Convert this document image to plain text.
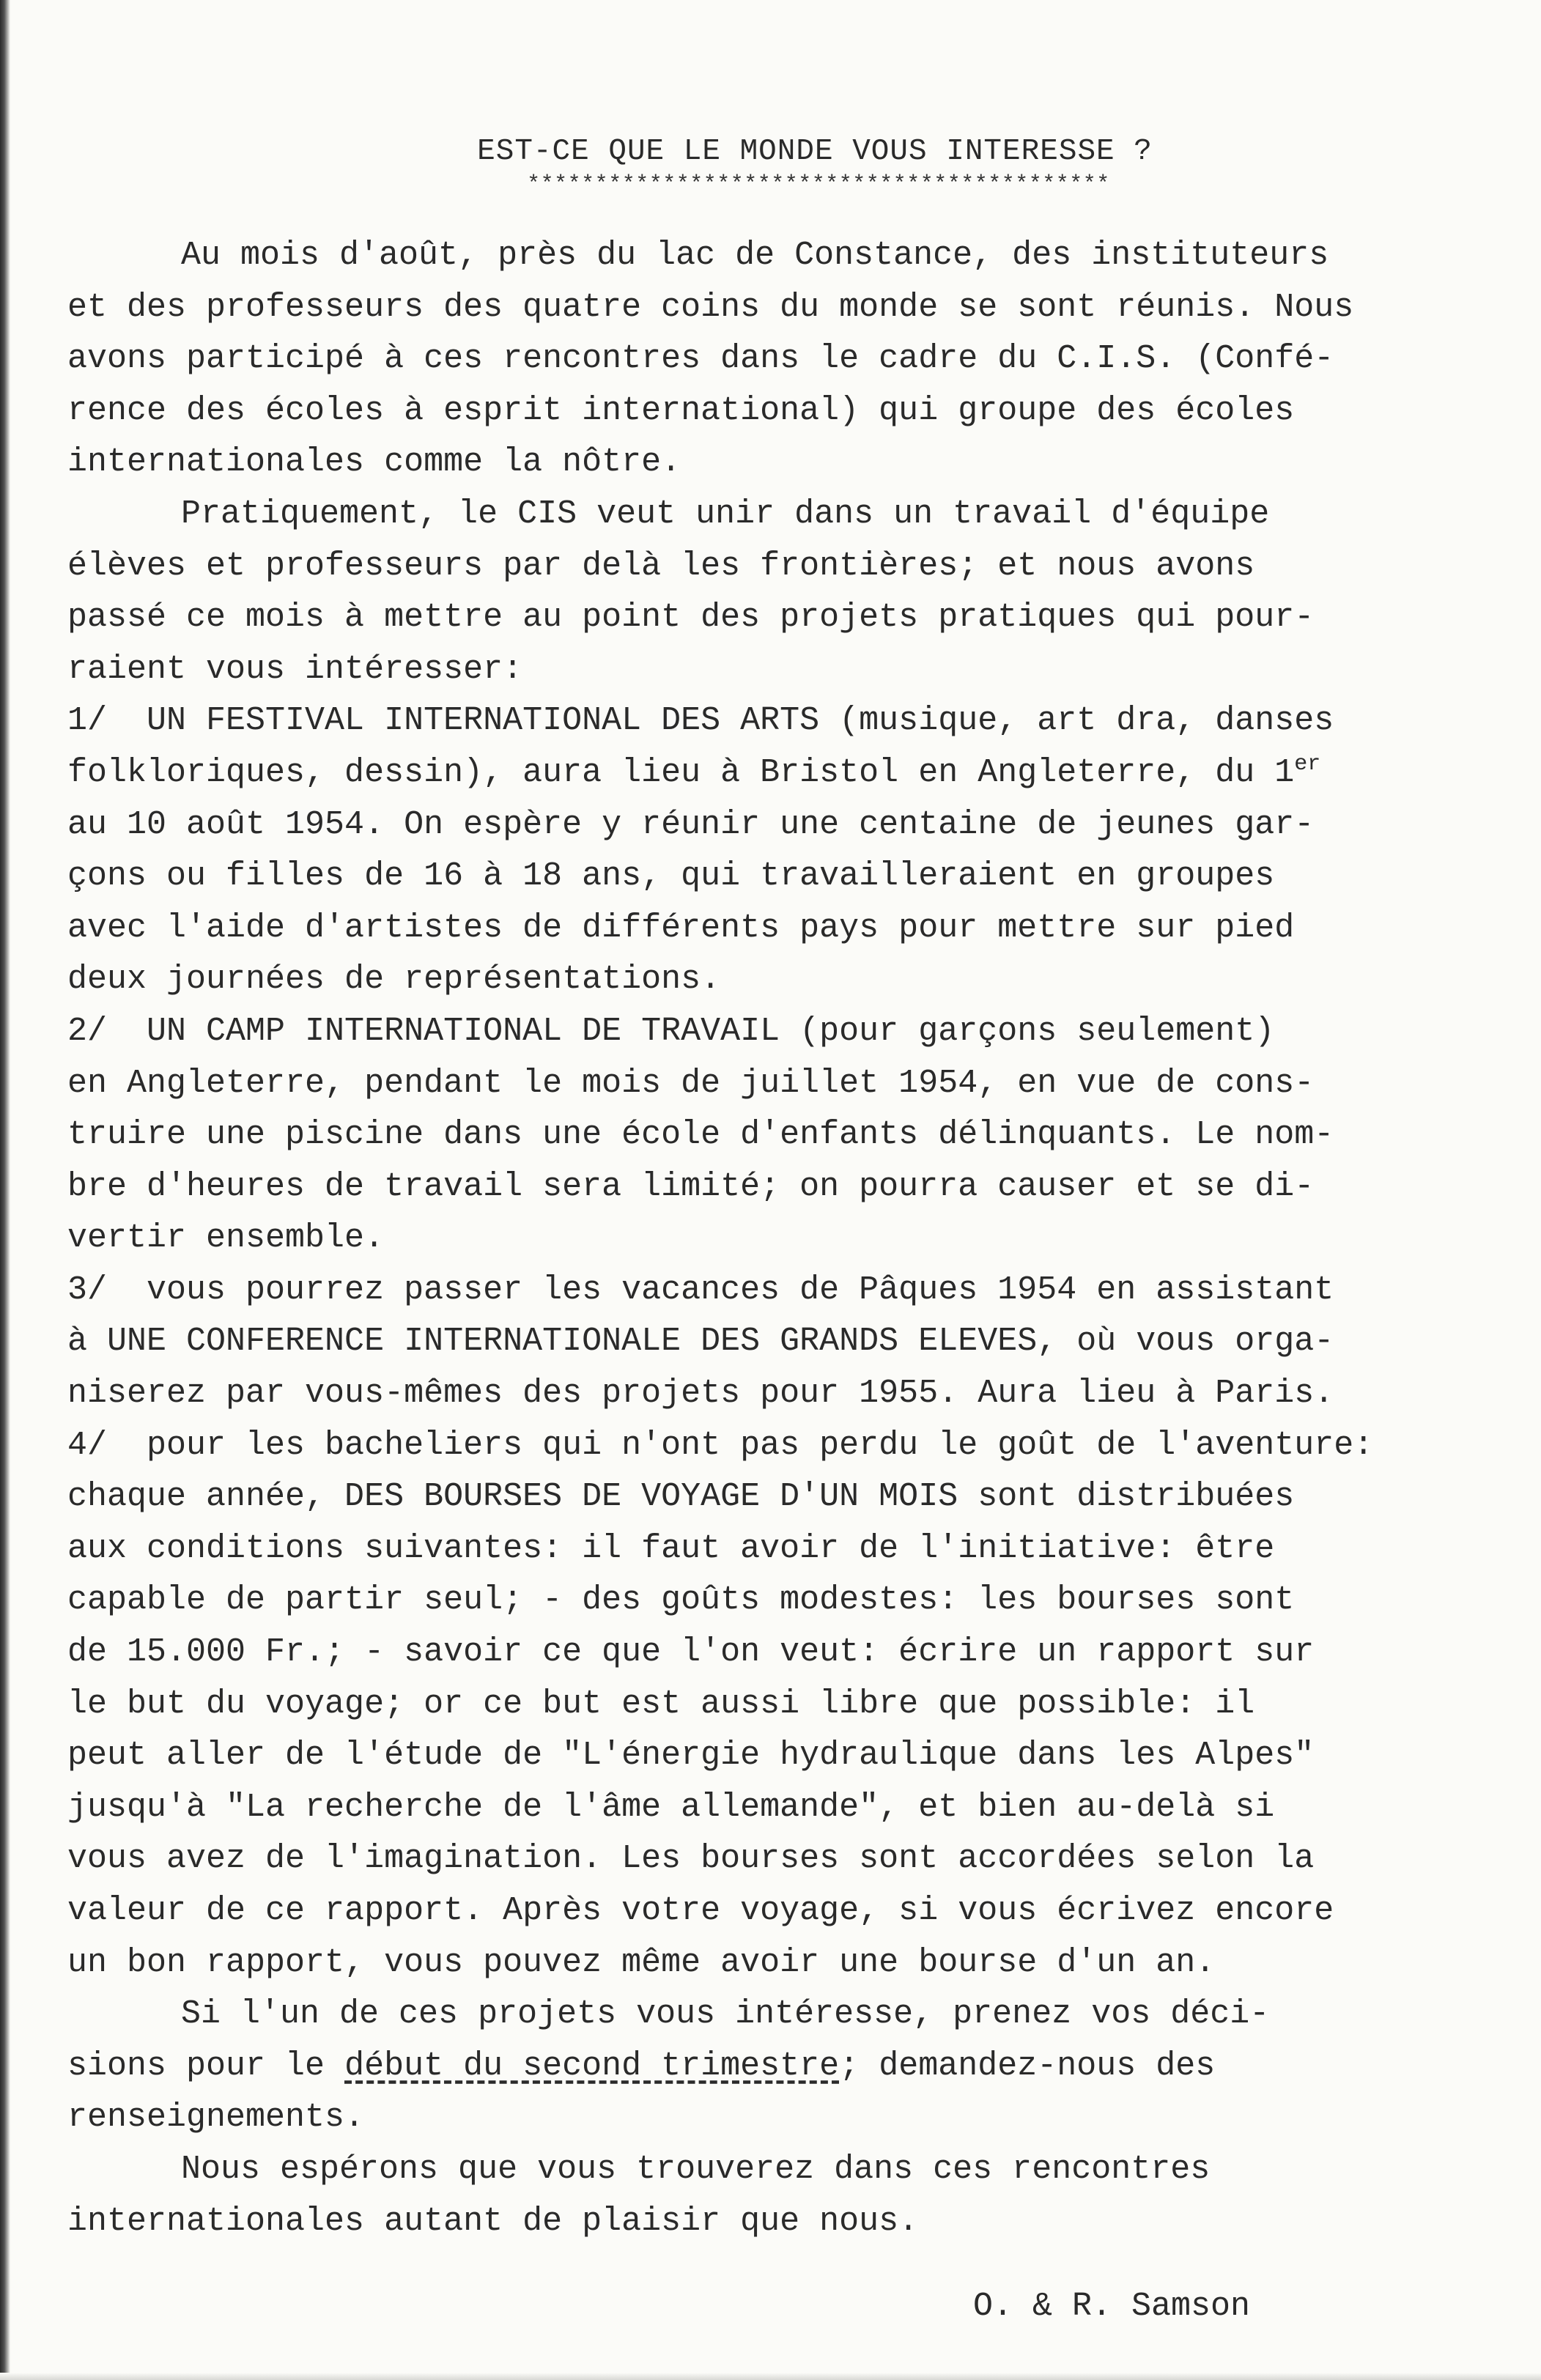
EST-CE QUE LE MONDE VOUS INTERESSE ?
*******************************************
Au mois d'août, près du lac de Constance, des instituteurs
et des professeurs des quatre coins du monde se sont réunis. Nous
avons participé à ces rencontres dans le cadre du C.I.S. (Confé-
rence des écoles à esprit international) qui groupe des écoles
internationales comme la nôtre.
Pratiquement, le CIS veut unir dans un travail d'équipe
élèves et professeurs par delà les frontières; et nous avons
passé ce mois à mettre au point des projets pratiques qui pour-
raient vous intéresser:
1/  UN FESTIVAL INTERNATIONAL DES ARTS (musique, art dra, danses
folkloriques, dessin), aura lieu à Bristol en Angleterre, du 1er
au 10 août 1954. On espère y réunir une centaine de jeunes gar-
çons ou filles de 16 à 18 ans, qui travailleraient en groupes
avec l'aide d'artistes de différents pays pour mettre sur pied
deux journées de représentations.
2/  UN CAMP INTERNATIONAL DE TRAVAIL (pour garçons seulement)
en Angleterre, pendant le mois de juillet 1954, en vue de cons-
truire une piscine dans une école d'enfants délinquants. Le nom-
bre d'heures de travail sera limité; on pourra causer et se di-
vertir ensemble.
3/  vous pourrez passer les vacances de Pâques 1954 en assistant
à UNE CONFERENCE INTERNATIONALE DES GRANDS ELEVES, où vous orga-
niserez par vous-mêmes des projets pour 1955. Aura lieu à Paris.
4/  pour les bacheliers qui n'ont pas perdu le goût de l'aventure:
chaque année, DES BOURSES DE VOYAGE D'UN MOIS sont distribuées
aux conditions suivantes: il faut avoir de l'initiative: être
capable de partir seul; - des goûts modestes: les bourses sont
de 15.000 Fr.; - savoir ce que l'on veut: écrire un rapport sur
le but du voyage; or ce but est aussi libre que possible: il
peut aller de l'étude de "L'énergie hydraulique dans les Alpes"
jusqu'à "La recherche de l'âme allemande", et bien au-delà si
vous avez de l'imagination. Les bourses sont accordées selon la
valeur de ce rapport. Après votre voyage, si vous écrivez encore
un bon rapport, vous pouvez même avoir une bourse d'un an.
Si l'un de ces projets vous intéresse, prenez vos déci-
sions pour le début du second trimestre; demandez-nous des
renseignements.
Nous espérons que vous trouverez dans ces rencontres
internationales autant de plaisir que nous.
O. & R. Samson
